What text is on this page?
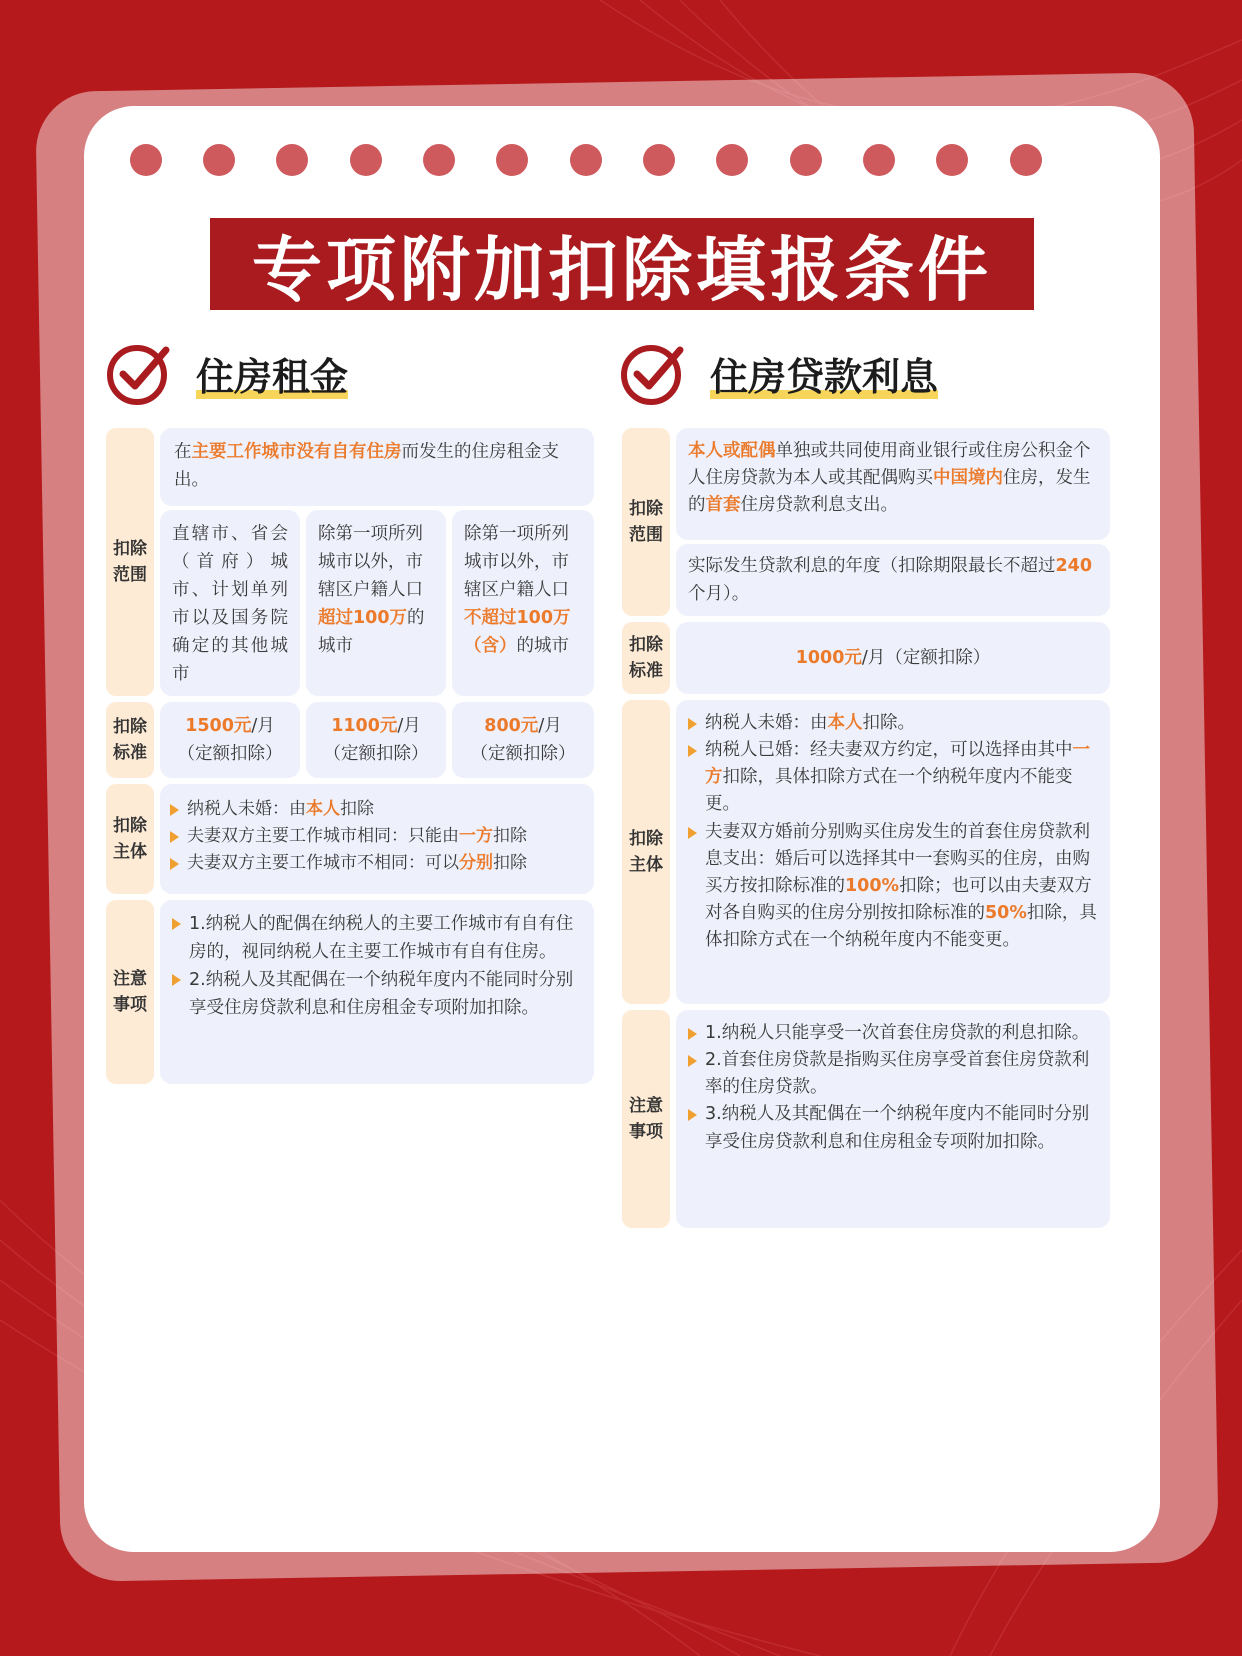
专项附加扣除填报条件
住房租金
扣除范围
在主要工作城市没有自有住房而发生的住房租金支出。
直辖市、省会（首府）城市、计划单列市以及国务院确定的其他城市
除第一项所列城市以外，市辖区户籍人口超过100万的城市
除第一项所列城市以外，市辖区户籍人口不超过100万（含）的城市
扣除标准
1500元/月
（定额扣除）
1100元/月
（定额扣除）
800元/月
（定额扣除）
扣除主体
纳税人未婚：由本人扣除
夫妻双方主要工作城市相同：只能由一方扣除
夫妻双方主要工作城市不相同：可以分别扣除
注意事项
1.纳税人的配偶在纳税人的主要工作城市有自有住房的，视同纳税人在主要工作城市有自有住房。
2.纳税人及其配偶在一个纳税年度内不能同时分别享受住房贷款利息和住房租金专项附加扣除。
住房贷款利息
扣除范围
本人或配偶单独或共同使用商业银行或住房公积金个人住房贷款为本人或其配偶购买中国境内住房，发生的首套住房贷款利息支出。
实际发生贷款利息的年度（扣除期限最长不超过240个月）。
扣除标准
1000元 /月（定额扣除）
扣除主体
纳税人未婚：由本人扣除。
纳税人已婚：经夫妻双方约定，可以选择由其中一方扣除，具体扣除方式在一个纳税年度内不能变更。
夫妻双方婚前分别购买住房发生的首套住房贷款利息支出：婚后可以选择其中一套购买的住房，由购买方按扣除标准的100%扣除；也可以由夫妻双方对各自购买的住房分别按扣除标准的50%扣除，具体扣除方式在一个纳税年度内不能变更。
注意事项
1.纳税人只能享受一次首套住房贷款的利息扣除。
2.首套住房贷款是指购买住房享受首套住房贷款利率的住房贷款。
3.纳税人及其配偶在一个纳税年度内不能同时分别享受住房贷款利息和住房租金专项附加扣除。
